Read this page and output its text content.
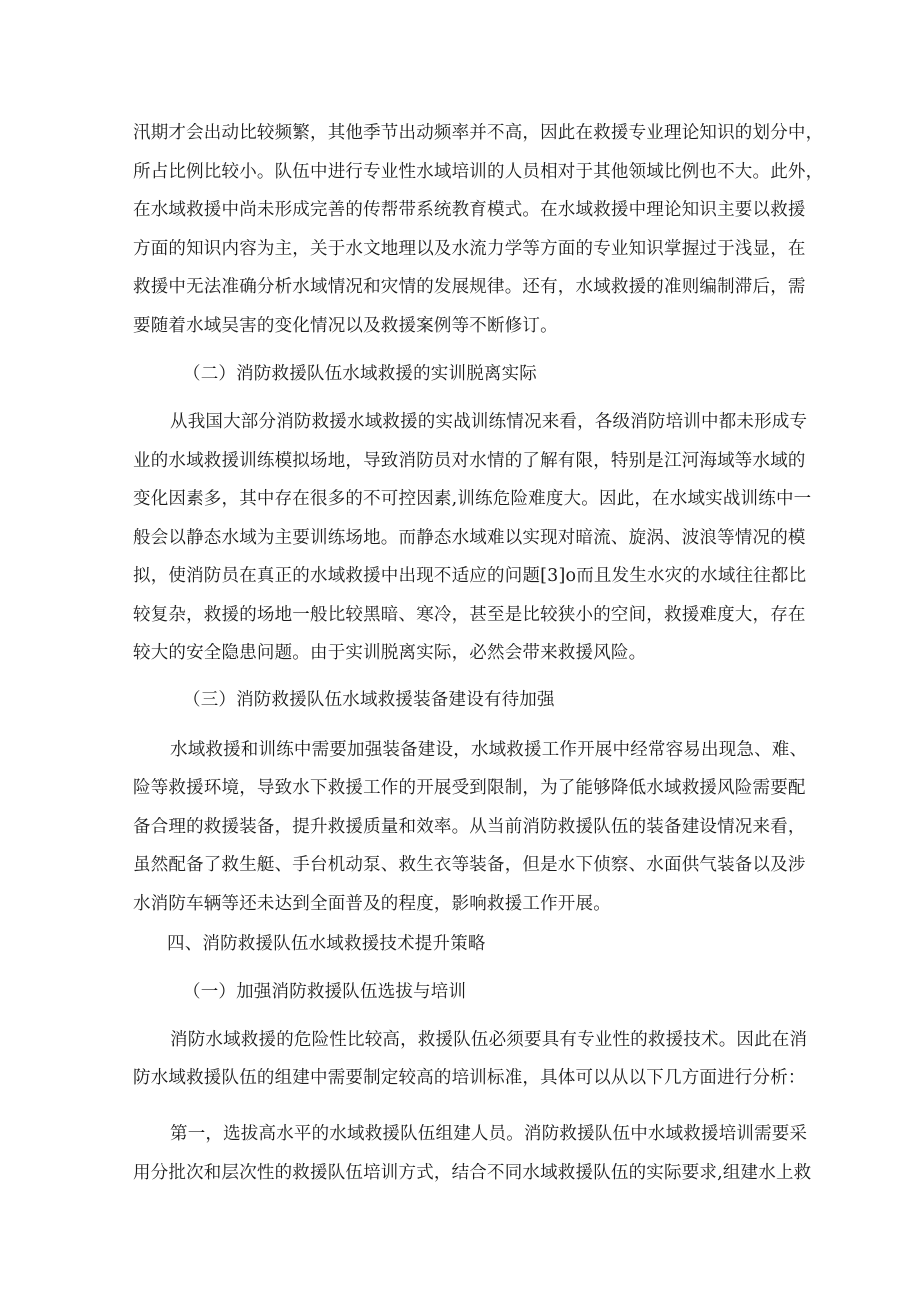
汛期才会出动比较频繁，其他季节出动频率并不高，因此在救援专业理论知识的划分中，
所占比例比较小。队伍中进行专业性水域培训的人员相对于其他领域比例也不大。此外，
在水域救援中尚未形成完善的传帮带系统教育模式。在水域救援中理论知识主要以救援
方面的知识内容为主，关于水文地理以及水流力学等方面的专业知识掌握过于浅显，在
救援中无法准确分析水域情况和灾情的发展规律。还有，水域救援的准则编制滞后，需
要随着水域吴害的变化情况以及救援案例等不断修订。
（二）消防救援队伍水域救援的实训脱离实际
从我国大部分消防救援水域救援的实战训练情况来看，各级消防培训中都未形成专
业的水域救援训练模拟场地，导致消防员对水情的了解有限，特别是江河海域等水域的
变化因素多，其中存在很多的不可控因素,训练危险难度大。因此，在水域实战训练中一
般会以静态水域为主要训练场地。而静态水域难以实现对暗流、旋涡、波浪等情况的模
拟，使消防员在真正的水域救援中出现不适应的问题[3]o而且发生水灾的水域往往都比
较复杂，救援的场地一般比较黑暗、寒冷，甚至是比较狭小的空间，救援难度大，存在
较大的安全隐患问题。由于实训脱离实际，必然会带来救援风险。
（三）消防救援队伍水域救援装备建设有待加强
水域救援和训练中需要加强装备建设，水域救援工作开展中经常容易出现急、难、
险等救援环境，导致水下救援工作的开展受到限制，为了能够降低水域救援风险需要配
备合理的救援装备，提升救援质量和效率。从当前消防救援队伍的装备建设情况来看，
虽然配备了救生艇、手台机动泵、救生衣等装备，但是水下侦察、水面供气装备以及涉
水消防车辆等还未达到全面普及的程度，影响救援工作开展。
四、消防救援队伍水域救援技术提升策略
（一）加强消防救援队伍选拔与培训
消防水域救援的危险性比较高，救援队伍必须要具有专业性的救援技术。因此在消
防水域救援队伍的组建中需要制定较高的培训标准，具体可以从以下几方面进行分析：
第一，选拔高水平的水域救援队伍组建人员。消防救援队伍中水域救援培训需要采
用分批次和层次性的救援队伍培训方式，结合不同水域救援队伍的实际要求,组建水上救
